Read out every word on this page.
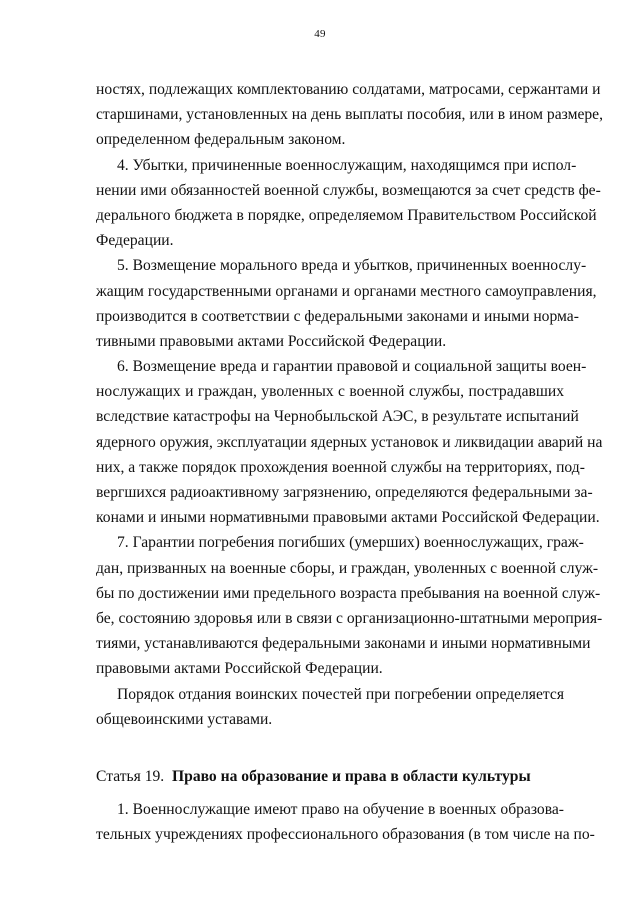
49
ностях, подлежащих комплектованию солдатами, матросами, сержантами и
старшинами, установленных на день выплаты пособия, или в ином размере,
определенном федеральным законом.
4. Убытки, причиненные военнослужащим, находящимся при испол-
нении ими обязанностей военной службы, возмещаются за счет средств фе-
дерального бюджета в порядке, определяемом Правительством Российской
Федерации.
5. Возмещение морального вреда и убытков, причиненных военнослу-
жащим государственными органами и органами местного самоуправления,
производится в соответствии с федеральными законами и иными норма-
тивными правовыми актами Российской Федерации.
6. Возмещение вреда и гарантии правовой и социальной защиты воен-
нослужащих и граждан, уволенных с военной службы, пострадавших
вследствие катастрофы на Чернобыльской АЭС, в результате испытаний
ядерного оружия, эксплуатации ядерных установок и ликвидации аварий на
них, а также порядок прохождения военной службы на территориях, под-
вергшихся радиоактивному загрязнению, определяются федеральными за-
конами и иными нормативными правовыми актами Российской Федерации.
7. Гарантии погребения погибших (умерших) военнослужащих, граж-
дан, призванных на военные сборы, и граждан, уволенных с военной служ-
бы по достижении ими предельного возраста пребывания на военной служ-
бе, состоянию здоровья или в связи с организационно-штатными мероприя-
тиями, устанавливаются федеральными законами и иными нормативными
правовыми актами Российской Федерации.
Порядок отдания воинских почестей при погребении определяется
общевоинскими уставами.
Статья 19. Право на образование и права в области культуры
1. Военнослужащие имеют право на обучение в военных образова-
тельных учреждениях профессионального образования (в том числе на по-
